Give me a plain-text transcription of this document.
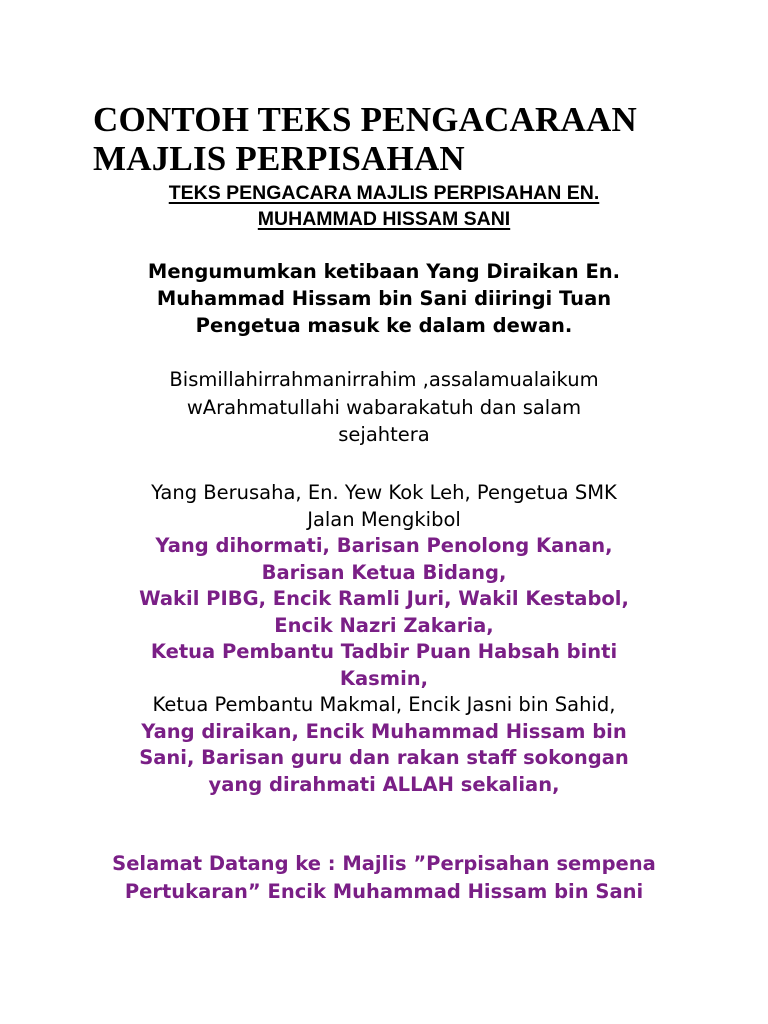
CONTOH TEKS PENGACARAAN
MAJLIS PERPISAHAN
TEKS PENGACARA MAJLIS PERPISAHAN EN.
MUHAMMAD HISSAM SANI

Mengumumkan ketibaan Yang Diraikan En.

Muhammad Hissam bin Sani diiringi Tuan

Pengetua masuk ke dalam dewan.

Bismillahirrahmanirrahim ,assalamualaikum

wArahmatullahi wabarakatuh dan salam

sejahtera

Yang Berusaha, En. Yew Kok Leh, Pengetua SMK

Jalan Mengkibol

Yang dihormati, Barisan Penolong Kanan,

Barisan Ketua Bidang,

Wakil PIBG, Encik Ramli Juri, Wakil Kestabol,

Encik Nazri Zakaria,

Ketua Pembantu Tadbir Puan Habsah binti

Kasmin,

Ketua Pembantu Makmal, Encik Jasni bin Sahid,

Yang diraikan, Encik Muhammad Hissam bin

Sani, Barisan guru dan rakan staff sokongan

yang dirahmati ALLAH sekalian,

Selamat Datang ke : Majlis ”Perpisahan sempena

Pertukaran” Encik Muhammad Hissam bin Sani
